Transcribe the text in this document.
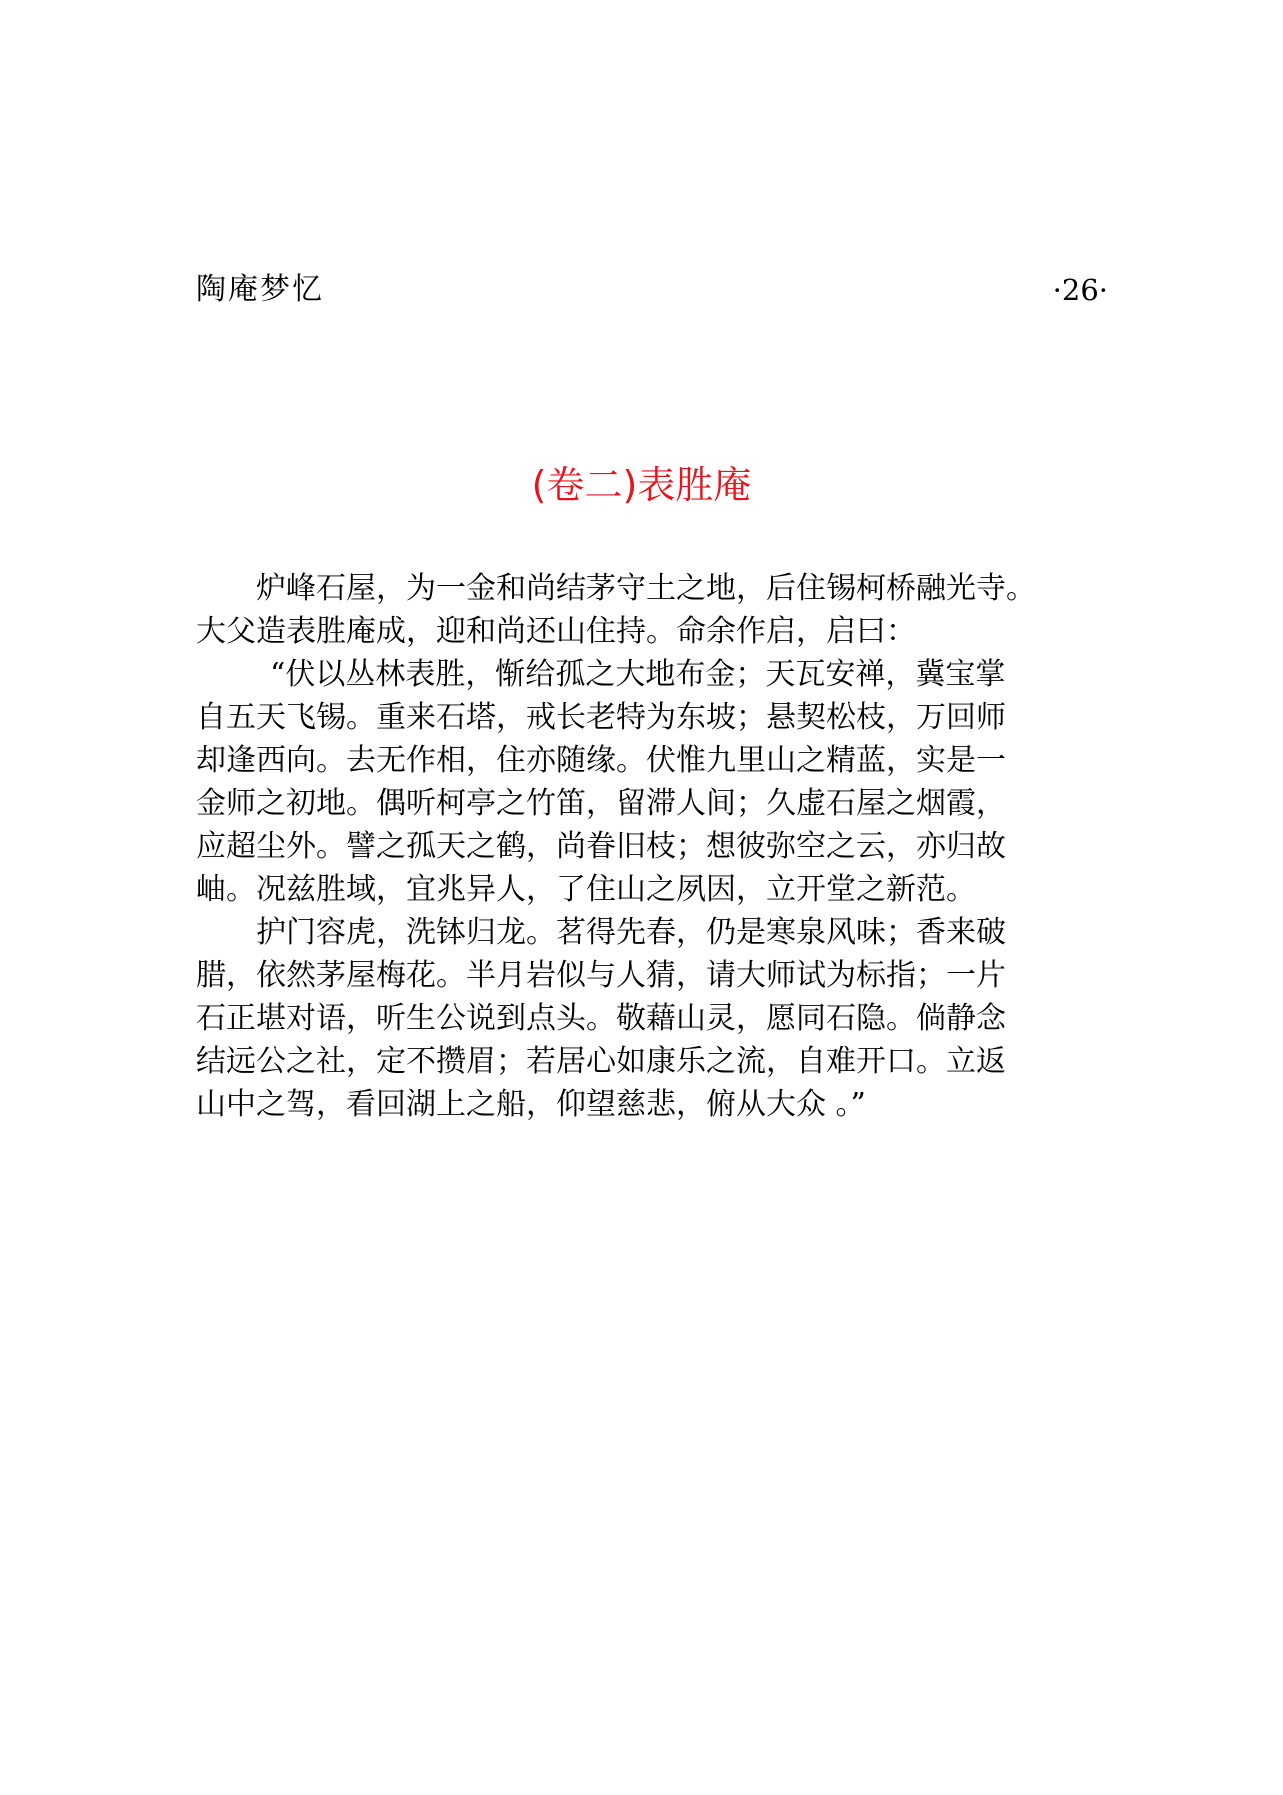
陶庵梦忆	·26·
(卷二)表胜庵
炉峰石屋，为一金和尚结茅守土之地，后住锡柯桥融光寺。
大父造表胜庵成，迎和尚还山住持。命余作启，启曰：
“伏以丛林表胜，惭给孤之大地布金；天瓦安禅，冀宝掌
自五天飞锡。重来石塔，戒长老特为东坡；悬契松枝，万回师
却逢西向。去无作相，住亦随缘。伏惟九里山之精蓝，实是一
金师之初地。偶听柯亭之竹笛，留滞人间；久虚石屋之烟霞，
应超尘外。譬之孤天之鹤，尚眷旧枝；想彼弥空之云，亦归故
岫。况兹胜域，宜兆异人，了住山之夙因，立开堂之新范。
护门容虎，洗钵归龙。茗得先春，仍是寒泉风味；香来破
腊，依然茅屋梅花。半月岩似与人猜，请大师试为标指；一片
石正堪对语，听生公说到点头。敬藉山灵，愿同石隐。倘静念
结远公之社，定不攒眉；若居心如康乐之流，自难开口。立返
山中之驾，看回湖上之船，仰望慈悲，俯从大众 。”
